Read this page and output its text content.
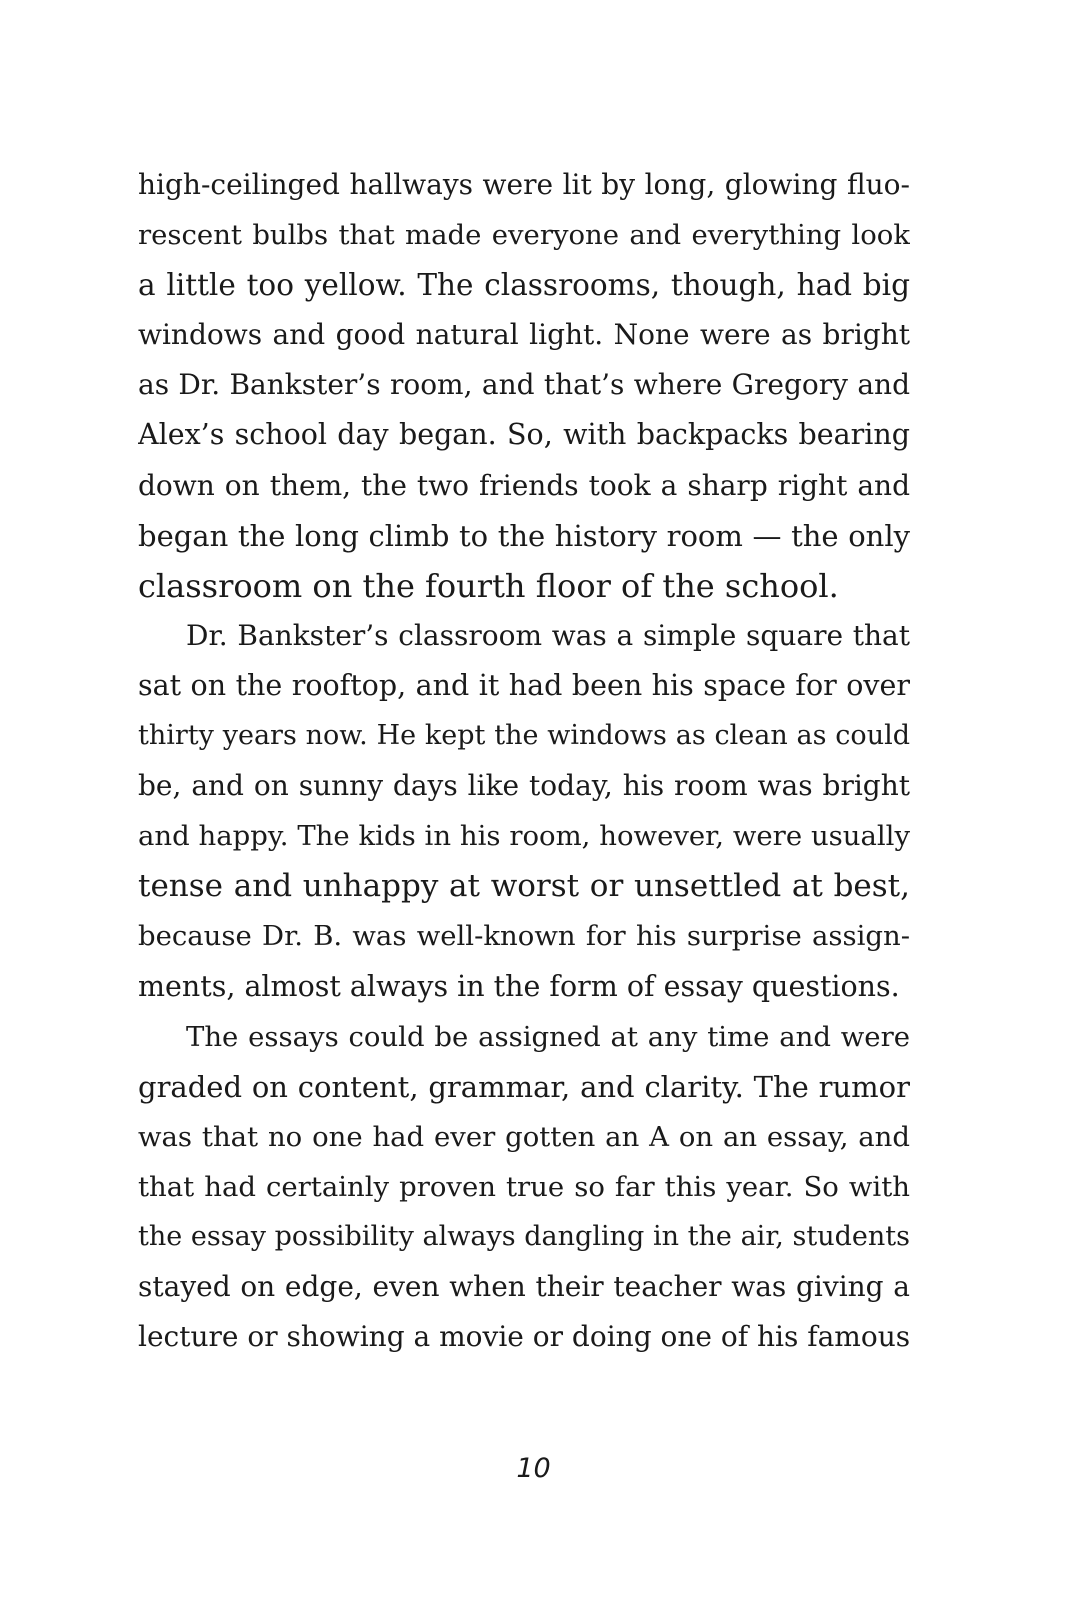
high-ceilinged hallways were lit by long, glowing fluo-
rescent bulbs that made everyone and everything look
a little too yellow. The classrooms, though, had big
windows and good natural light. None were as bright
as Dr. Bankster’s room, and that’s where Gregory and
Alex’s school day began. So, with backpacks bearing
down on them, the two friends took a sharp right and
began the long climb to the history room — the only
classroom on the fourth floor of the school.
Dr. Bankster’s classroom was a simple square that
sat on the rooftop, and it had been his space for over
thirty years now. He kept the windows as clean as could
be, and on sunny days like today, his room was bright
and happy. The kids in his room, however, were usually
tense and unhappy at worst or unsettled at best,
because Dr. B. was well-known for his surprise assign-
ments, almost always in the form of essay questions.
The essays could be assigned at any time and were
graded on content, grammar, and clarity. The rumor
was that no one had ever gotten an A on an essay, and
that had certainly proven true so far this year. So with
the essay possibility always dangling in the air, students
stayed on edge, even when their teacher was giving a
lecture or showing a movie or doing one of his famous
10
